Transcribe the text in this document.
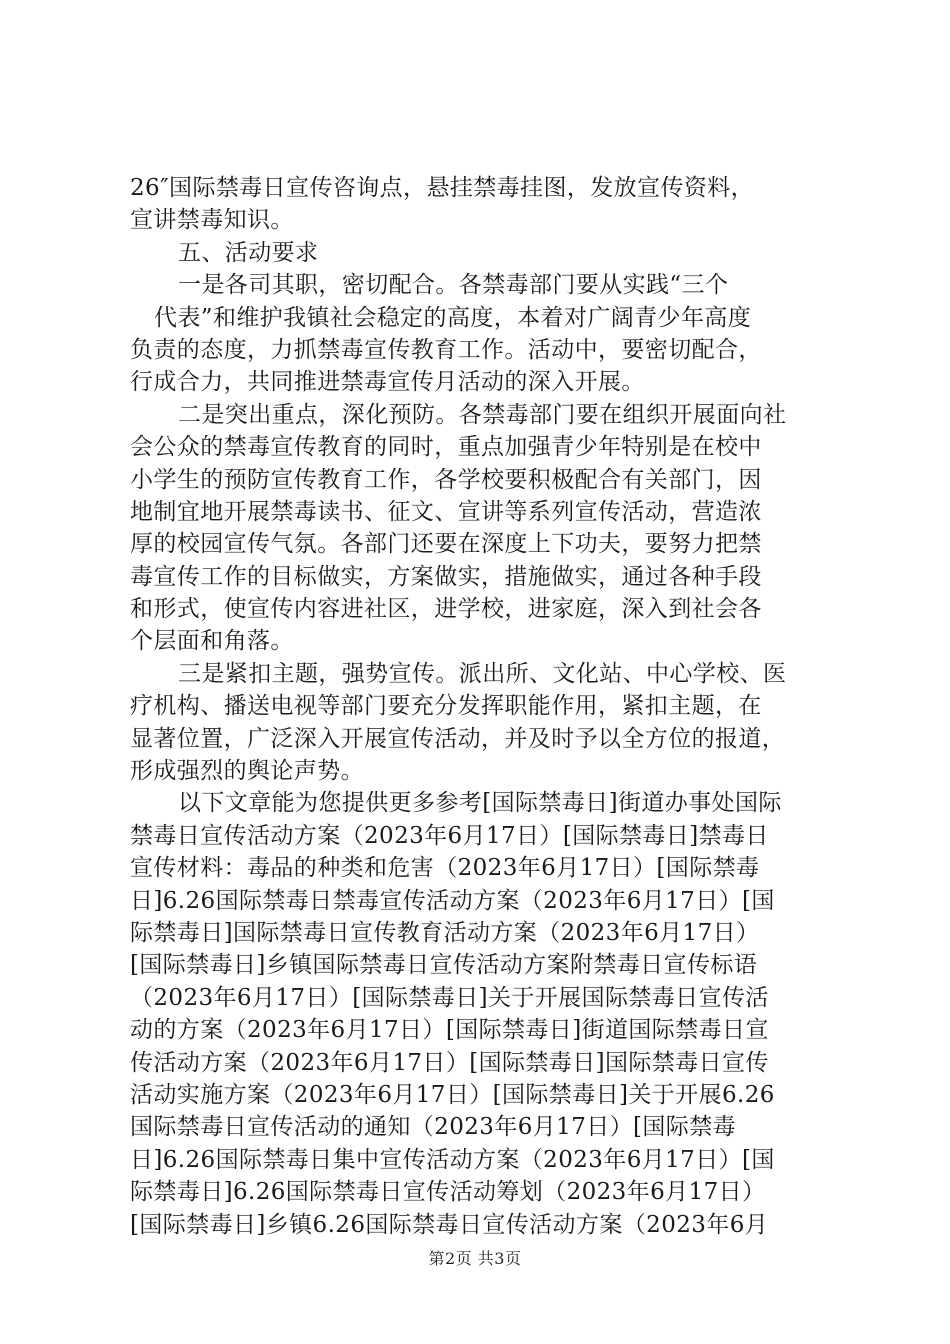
26″国际禁毒日宣传咨询点，悬挂禁毒挂图，发放宣传资料，
宣讲禁毒知识。
五、活动要求
一是各司其职，密切配合。各禁毒部门要从实践“三个
代表”和维护我镇社会稳定的高度，本着对广阔青少年高度
负责的态度，力抓禁毒宣传教育工作。活动中，要密切配合，
行成合力，共同推进禁毒宣传月活动的深入开展。
二是突出重点，深化预防。各禁毒部门要在组织开展面向社
会公众的禁毒宣传教育的同时，重点加强青少年特别是在校中
小学生的预防宣传教育工作，各学校要积极配合有关部门，因
地制宜地开展禁毒读书、征文、宣讲等系列宣传活动，营造浓
厚的校园宣传气氛。各部门还要在深度上下功夫，要努力把禁
毒宣传工作的目标做实，方案做实，措施做实，通过各种手段
和形式，使宣传内容进社区，进学校，进家庭，深入到社会各
个层面和角落。
三是紧扣主题，强势宣传。派出所、文化站、中心学校、医
疗机构、播送电视等部门要充分发挥职能作用，紧扣主题，在
显著位置，广泛深入开展宣传活动，并及时予以全方位的报道，
形成强烈的舆论声势。
以下文章能为您提供更多参考[国际禁毒日]街道办事处国际
禁毒日宣传活动方案（2023年6月17日）[国际禁毒日]禁毒日
宣传材料：毒品的种类和危害（2023年6月17日）[国际禁毒
日]6.26国际禁毒日禁毒宣传活动方案（2023年6月17日）[国
际禁毒日]国际禁毒日宣传教育活动方案（2023年6月17日）
[国际禁毒日]乡镇国际禁毒日宣传活动方案附禁毒日宣传标语
（2023年6月17日）[国际禁毒日]关于开展国际禁毒日宣传活
动的方案（2023年6月17日）[国际禁毒日]街道国际禁毒日宣
传活动方案（2023年6月17日）[国际禁毒日]国际禁毒日宣传
活动实施方案（2023年6月17日）[国际禁毒日]关于开展6.26
国际禁毒日宣传活动的通知（2023年6月17日）[国际禁毒
日]6.26国际禁毒日集中宣传活动方案（2023年6月17日）[国
际禁毒日]6.26国际禁毒日宣传活动筹划（2023年6月17日）
[国际禁毒日]乡镇6.26国际禁毒日宣传活动方案（2023年6月
第2页 共3页
